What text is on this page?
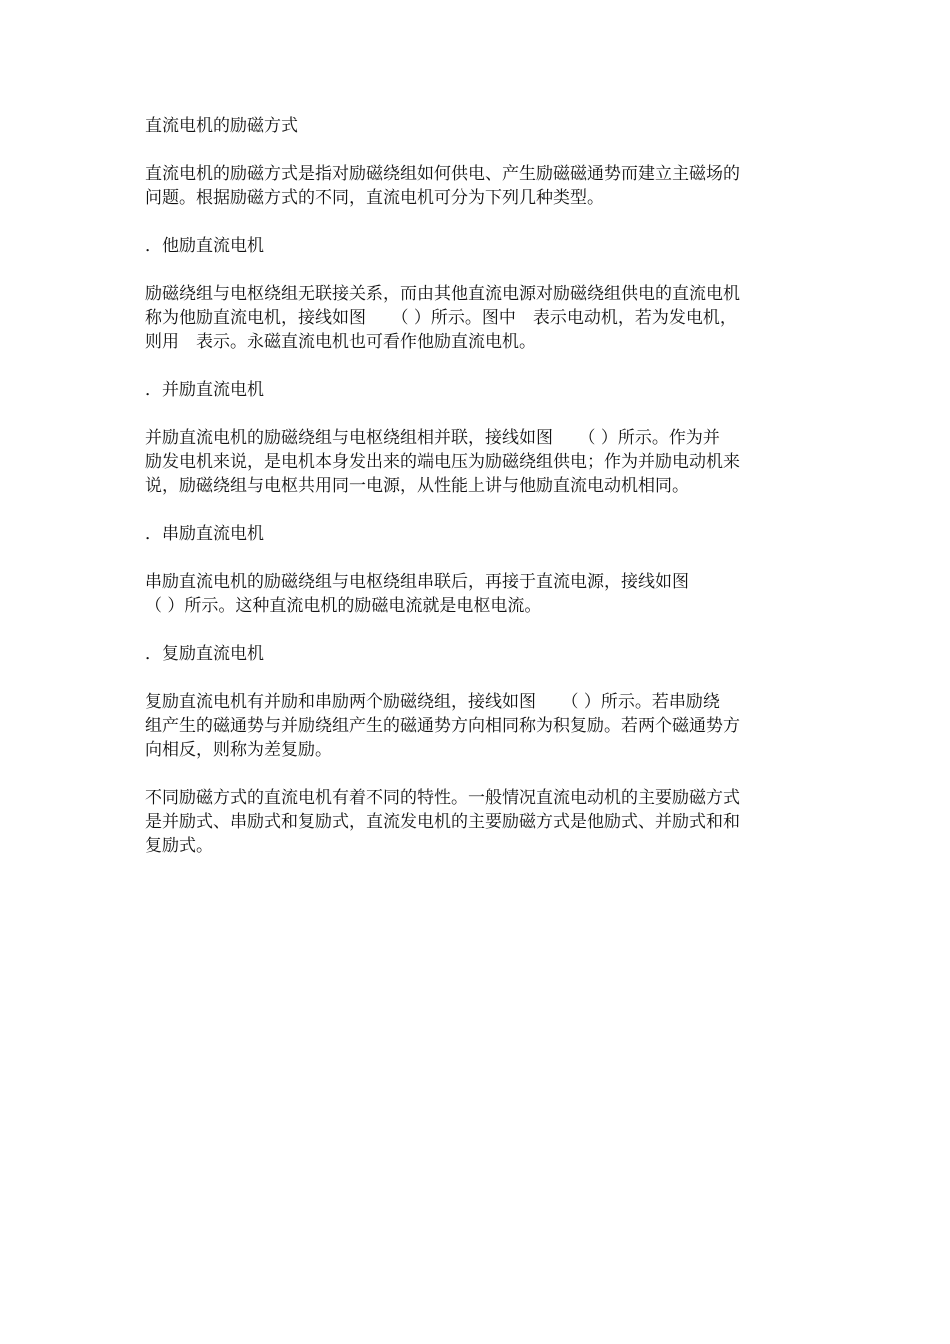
直流电机的励磁方式
直流电机的励磁方式是指对励磁绕组如何供电、产生励磁磁通势而建立主磁场的
问题。根据励磁方式的不同，直流电机可分为下列几种类型。
．他励直流电机
励磁绕组与电枢绕组无联接关系，而由其他直流电源对励磁绕组供电的直流电机
称为他励直流电机，接线如图　　（ ）所示。图中　表示电动机，若为发电机，
则用　表示。永磁直流电机也可看作他励直流电机。
．并励直流电机
并励直流电机的励磁绕组与电枢绕组相并联，接线如图　　（ ）所示。作为并
励发电机来说，是电机本身发出来的端电压为励磁绕组供电；作为并励电动机来
说，励磁绕组与电枢共用同一电源，从性能上讲与他励直流电动机相同。
．串励直流电机
串励直流电机的励磁绕组与电枢绕组串联后，再接于直流电源，接线如图
（ ）所示。这种直流电机的励磁电流就是电枢电流。
．复励直流电机
复励直流电机有并励和串励两个励磁绕组，接线如图　　（ ）所示。若串励绕
组产生的磁通势与并励绕组产生的磁通势方向相同称为积复励。若两个磁通势方
向相反，则称为差复励。
不同励磁方式的直流电机有着不同的特性。一般情况直流电动机的主要励磁方式
是并励式、串励式和复励式，直流发电机的主要励磁方式是他励式、并励式和和
复励式。
